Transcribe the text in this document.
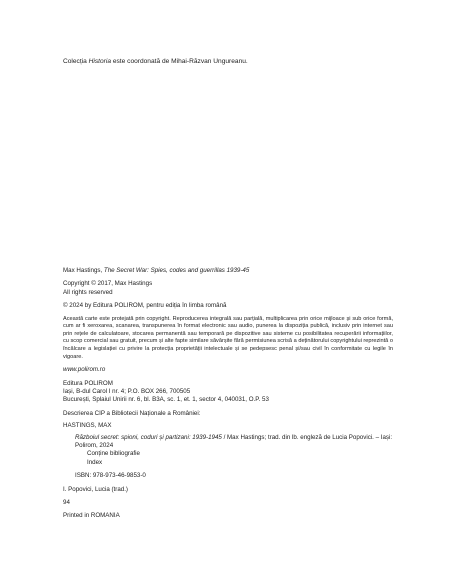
Colecția Historia este coordonată de Mihai-Răzvan Ungureanu.

Max Hastings, The Secret War: Spies, codes and guerrillas 1939-45

Copyright © 2017, Max Hastings

All rights reserved

© 2024 by Editura POLIROM, pentru ediția în limba română

Această carte este protejată prin copyright. Reproducerea integrală sau parțială, multiplicarea prin orice mijloace și sub orice formă, cum ar fi xeroxarea, scanarea, transpunerea în format electronic sau audio, punerea la dispoziția publică, inclusiv prin internet sau prin rețele de calculatoare, stocarea permanentă sau temporară pe dispozitive sau sisteme cu posibilitatea recuperării informațiilor, cu scop comercial sau gratuit, precum și alte fapte similare săvârșite fără permisiunea scrisă a deținătorului copyrightului reprezintă o încălcare a legislației cu privire la protecția proprietății intelectuale și se pedepsesc penal și/sau civil în conformitate cu legile în vigoare.

www.polirom.ro

Editura POLIROM

Iași, B-dul Carol I nr. 4; P.O. BOX 266, 700505

București, Splaiul Unirii nr. 6, bl. B3A, sc. 1, et. 1, sector 4, 040031, O.P. 53

Descrierea CIP a Bibliotecii Naționale a României:

HASTINGS, MAX

Războiul secret: spioni, coduri și partizani: 1939-1945 / Max Hastings; trad. din lb. engleză de Lucia Popovici. – Iași: Polirom, 2024

Conține bibliografie

Index

ISBN: 978-973-46-9853-0

I. Popovici, Lucia (trad.)

94

Printed in ROMANIA
